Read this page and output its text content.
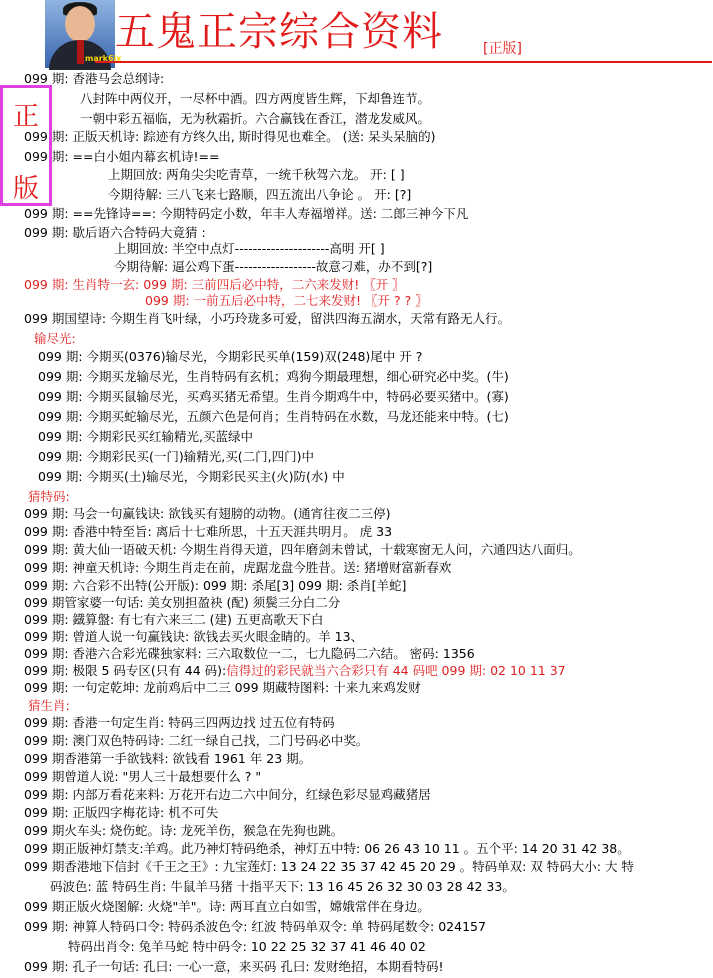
mark6ix
五鬼正宗综合资料	[正版]
正
版
099 期: 香港马会总纲诗:
八封阵中两仪开，一尽杯中酒。四方两度皆生辉，下却鲁连节。
一朝中彩五福临，无为秋霜折。六合赢钱在香江，潜龙发威风。
099 期: 正版天机诗: 踪迹有方终久出, 斯时得见也难全。 (送: 呆头呆脑的)
099 期: ==白小姐内幕玄机诗!==
上期回放: 两角尖尖吃青草，一统千秋驾六龙。 开: [ ]
今期待解: 三八飞来七路顺，四五流出八争论 。 开: [?]
099 期: ==先锋诗==: 今期特码定小数，年丰人寿福增祥。送: 二郎三神今下凡
099 期: 歇后语六合特码大竟猜 :
上期回放: 半空中点灯---------------------高明 开[ ]
今期待解: 逼公鸡下蛋------------------故意刁难，办不到[?]
099 期: 生肖特一玄: 099 期: 三前四后必中特，二六来发财! 〖开 〗
099 期: 一前五后必中特，二七来发财! 〖开 ? ? 〗
099 期国望诗: 今期生肖飞叶绿，小巧玲珑多可爱，留洪四海五湖水，天常有路无人行。
输尽光:
099 期: 今期买(0376)输尽光，今期彩民买单(159)双(248)尾中 开 ?
099 期: 今期买龙输尽光，生肖特码有玄机；鸡狗今期最理想，细心研究必中奖。(牛)
099 期: 今期买鼠输尽光，买鸡买猪无希望。生肖今期鸡牛中，特码必要买猪中。(寡)
099 期: 今期买蛇输尽光，五颜六色是何肖；生肖特码在水数，马龙还能来中特。(七)
099 期: 今期彩民买红输精光,买蓝绿中
099 期: 今期彩民买(一门)输精光,买(二门,四门)中
099 期: 今期买(土)输尽光，今期彩民买主(火)防(水) 中
猜特码:
099 期: 马会一句赢钱诀: 欲钱买有翅膀的动物。(通宵往夜二三停)
099 期: 香港中特至旨: 离后十七难所思，十五天涯共明月。 虎 33
099 期: 黄大仙一语破天机: 今期生肖得天道，四年磨剑未曾试，十载寒窗无人问，六通四达八面归。
099 期: 神童天机诗: 今期生肖走在前，虎踞龙盘今胜昔。送: 猪增财富新春欢
099 期: 六合彩不出特(公开版): 099 期: 杀尾[3] 099 期: 杀肖[羊蛇]
099 期管家婆一句话: 美女别担盈袂 (配) 须鬓三分白二分
099 期: 鐡算盤: 有七有六来三二 (建) 五更高歌天下白
099 期: 曾道人说一句赢钱诀: 欲钱去买火眼金睛的。羊 13、
099 期: 香港六合彩光碟独家料: 三六取数位一二，七九隐码二六结。 密码: 1356
099 期: 极限 5 码专区(只有 44 码):信得过的彩民就当六合彩只有 44 码吧 099 期: 02 10 11 37
099 期: 一句定乾坤: 龙前鸡后中二三 099 期藏特图料: 十来九来鸡发财
猜生肖:
099 期: 香港一句定生肖: 特码三四两边找 过五位有特码
099 期: 澳门双色特码诗: 二红一绿自己找，二门号码必中奖。
099 期香港第一手欲钱料: 欲钱看 1961 年 23 期。
099 期曾道人说: "男人三十最想要什么 ? "
099 期: 内部万看花来料: 万花开右边二六中间分，红绿色彩尽显鸡藏猪居
099 期: 正版四字梅花诗: 机不可失
099 期火车头: 烧伤蛇。诗: 龙死羊伤，猴急在先狗也跳。
099 期正版神灯禁支:羊鸡。此乃神灯特码绝杀，神灯五中特: 06 26 43 10 11 。五个平: 14 20 31 42 38。
099 期香港地下信封《千王之王》: 九宝莲灯: 13 24 22 35 37 42 45 20 29 。特码单双: 双 特码大小: 大 特
码波色: 蓝 特码生肖: 牛鼠羊马猪 十指平天下: 13 16 45 26 32 30 03 28 42 33。
099 期正版火烧图解: 火烧"羊"。诗: 两耳直立白如雪，嫦娥常伴在身边。
099 期: 神算人特码口令: 特码杀波色令: 红波 特码单双令: 单 特码尾数令: 024157
特码出肖令: 兔羊马蛇 特中码令: 10 22 25 32 37 41 46 40 02
099 期: 孔子一句话: 孔曰: 一心一意，来买码 孔曰: 发财绝招，本期看特码!
